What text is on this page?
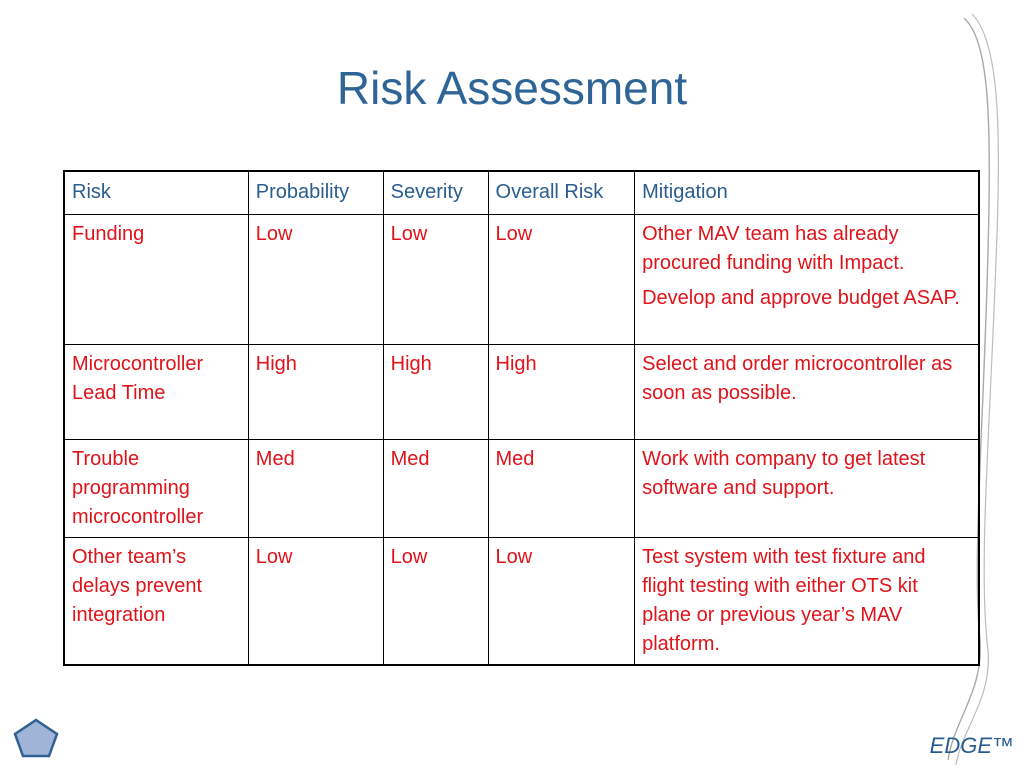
Risk Assessment
Risk	Probability	Severity	Overall Risk	Mitigation
Funding	Low	Low	Low	Other MAV team has already procured funding with Impact.
Develop and approve budget ASAP.

Microcontroller Lead Time	High	High	High	Select and order microcontroller as soon as possible.

Trouble programming microcontroller	Med	Med	Med	Work with company to get latest software and support.

Other team’s delays prevent integration	Low	Low	Low	Test system with test fixture and flight testing with either OTS kit plane or previous year’s MAV platform.
EDGE™
